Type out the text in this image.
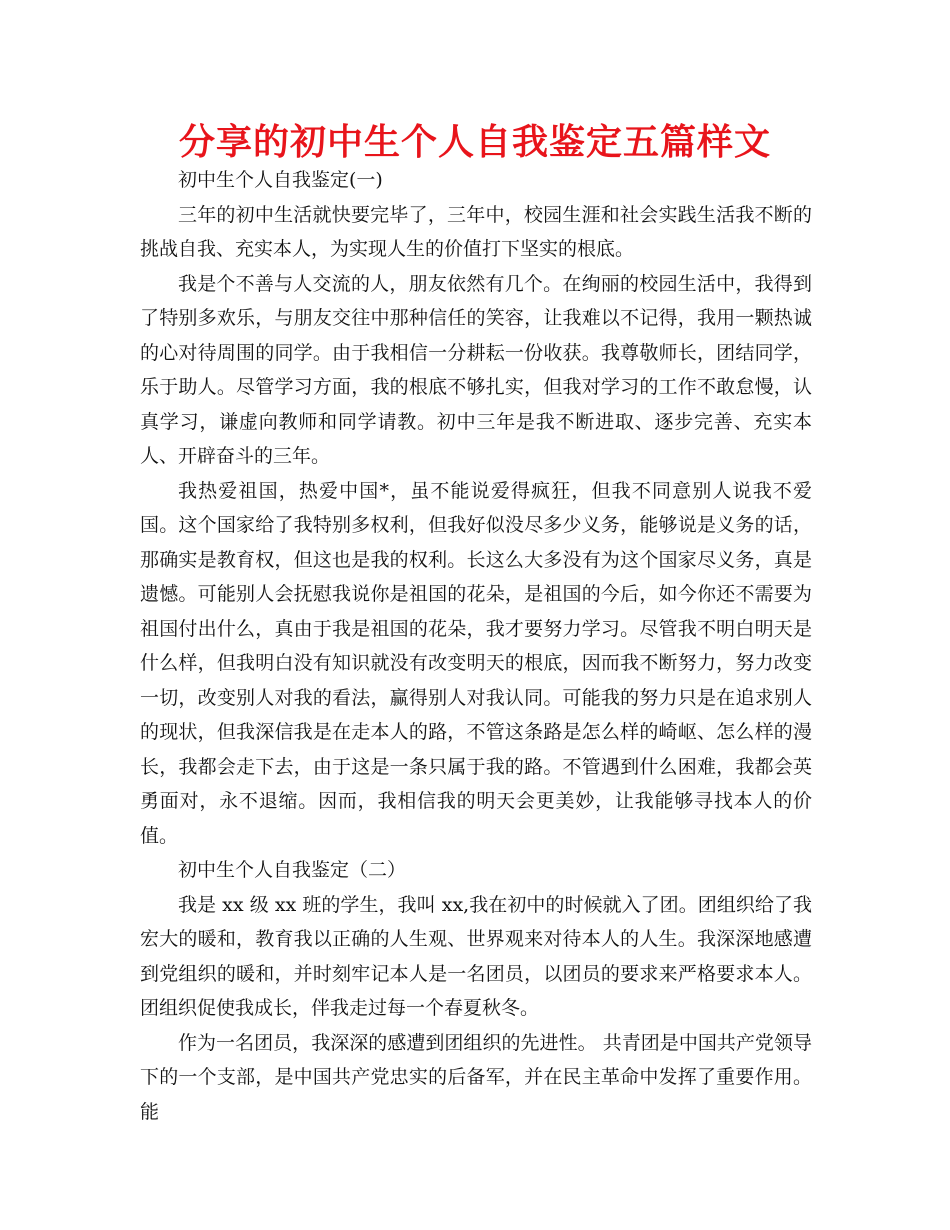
分享的初中生个人自我鉴定五篇样文

初中生个人自我鉴定(一)

三年的初中生活就快要完毕了，三年中，校园生涯和社会实践生活我不断的挑战自我、充实本人，为实现人生的价值打下坚实的根底。

我是个不善与人交流的人，朋友依然有几个。在绚丽的校园生活中，我得到了特别多欢乐，与朋友交往中那种信任的笑容，让我难以不记得，我用一颗热诚的心对待周围的同学。由于我相信一分耕耘一份收获。我尊敬师长，团结同学，乐于助人。尽管学习方面，我的根底不够扎实，但我对学习的工作不敢怠慢，认真学习，谦虚向教师和同学请教。初中三年是我不断进取、逐步完善、充实本人、开辟奋斗的三年。

我热爱祖国，热爱中国*，虽不能说爱得疯狂，但我不同意别人说我不爱国。这个国家给了我特别多权利，但我好似没尽多少义务，能够说是义务的话，那确实是教育权，但这也是我的权利。长这么大多没有为这个国家尽义务，真是遗憾。可能别人会抚慰我说你是祖国的花朵，是祖国的今后，如今你还不需要为祖国付出什么，真由于我是祖国的花朵，我才要努力学习。尽管我不明白明天是什么样，但我明白没有知识就没有改变明天的根底，因而我不断努力，努力改变一切，改变别人对我的看法，赢得别人对我认同。可能我的努力只是在追求别人的现状，但我深信我是在走本人的路，不管这条路是怎么样的崎岖、怎么样的漫长，我都会走下去，由于这是一条只属于我的路。不管遇到什么困难，我都会英勇面对，永不退缩。因而，我相信我的明天会更美妙，让我能够寻找本人的价值。

初中生个人自我鉴定（二）

我是 xx 级 xx 班的学生，我叫 xx,我在初中的时候就入了团。团组织给了我宏大的暖和，教育我以正确的人生观、世界观来对待本人的人生。我深深地感遭到党组织的暖和，并时刻牢记本人是一名团员，以团员的要求来严格要求本人。团组织促使我成长，伴我走过每一个春夏秋冬。

作为一名团员，我深深的感遭到团组织的先进性。 共青团是中国共产党领导下的一个支部，是中国共产党忠实的后备军，并在民主革命中发挥了重要作用。能
